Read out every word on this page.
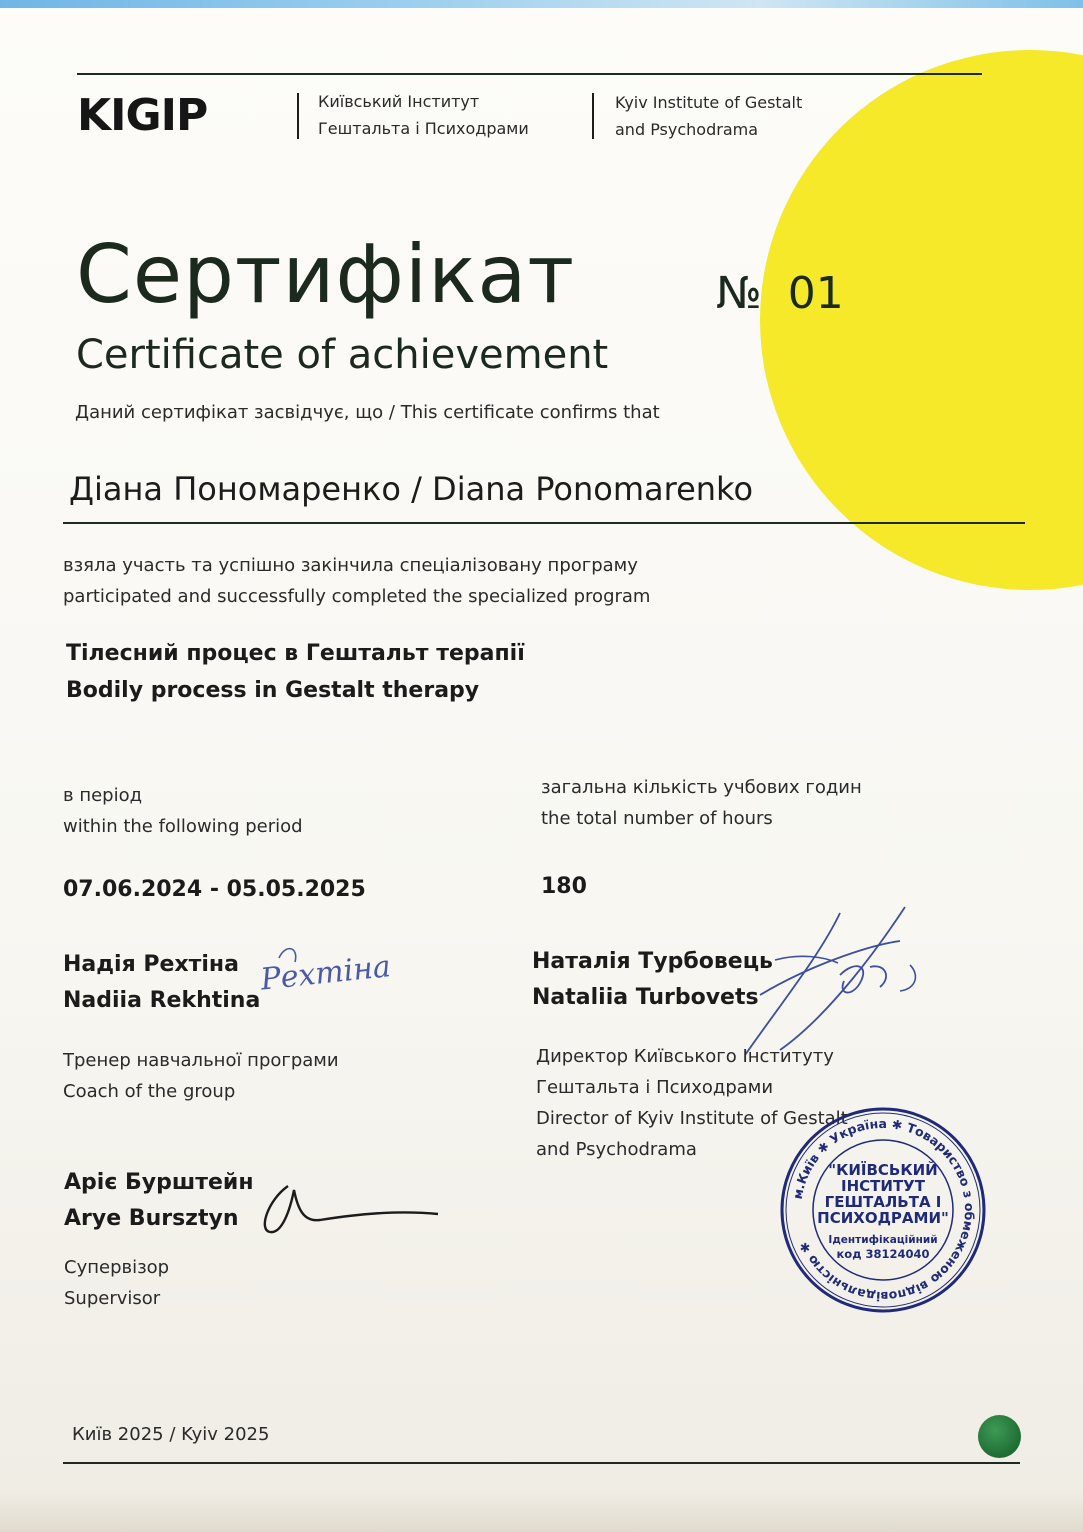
KIGIP	Київський Інститут
Гештальта і Психодрами
Kyiv Institute of Gestalt
and Psychodrama
Сертифікат
Certificate of achievement
№ 01
Даний сертифікат засвідчує, що / This certificate confirms that
Діана Пономаренко / Diana Ponomarenko
взяла участь та успішно закінчила спеціалізовану програму
participated and successfully completed the specialized program
Тілесний процес в Гештальт терапії
Bodily process in Gestalt therapy
в період
within the following period
07.06.2024 - 05.05.2025
загальна кількість учбових годин
the total number of hours
180
Надія Рехтіна
Nadiia Rekhtina
Рехтіна
Тренер навчальної програми
Coach of the group
Наталія Турбовець
Nataliia Turbovets
Директор Київського Інституту
Гештальта і Психодрами
Director of Kyiv Institute of Gestalt
and Psychodrama
Аріє Бурштейн
Arye Bursztyn
Супервізор
Supervisor
м.Київ ✱ Україна ✱ Товариство з обмеженою відповідальністю ✱
"КИЇВСЬКИЙ
ІНСТИТУТ
ГЕШТАЛЬТА І
ПСИХОДРАМИ"
Ідентифікаційний
код 38124040
Київ 2025 / Kyiv 2025
